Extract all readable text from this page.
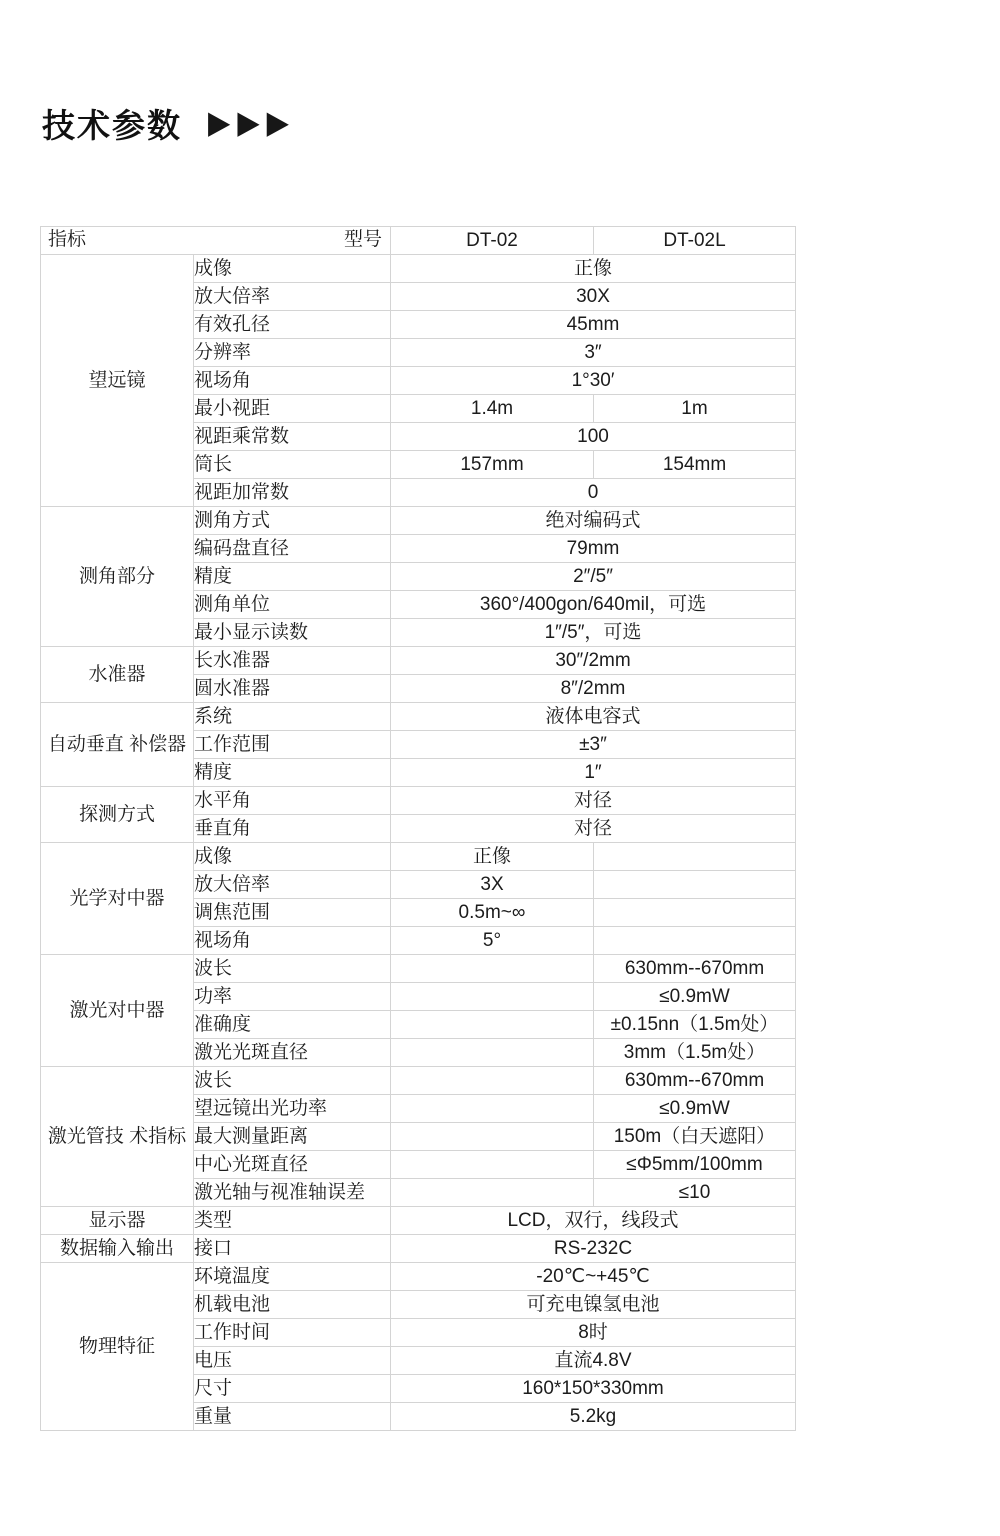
技术参数 ▶ ▶ ▶
指标 型号		DT-02	DT-02L
望远镜	成像	正像	
	放大倍率	30X	
	有效孔径	45mm	
	分辨率	3″	
	视场角	1°30′	
	最小视距	1.4m	1m
	视距乘常数	100	
	筒长	157mm	154mm
	视距加常数	0	
测角部分	测角方式	绝对编码式	
	编码盘直径	79mm	
	精度	2″/5″	
	测角单位	360°/400gon/640mil，可选	
	最小显示读数	1″/5″，可选	
水准器	长水准器	30″/2mm	
	圆水准器	8″/2mm	
自动垂直 补偿器	系统	液体电容式	
	工作范围	±3″	
	精度	1″	
探测方式	水平角	对径	
	垂直角	对径	
光学对中器	成像	正像	
	放大倍率	3X	
	调焦范围	0.5m~∞	
	视场角	5°	
激光对中器	波长		630mm--670mm
	功率		≤0.9mW
	准确度		±0.15nn（1.5m处）
	激光光斑直径		3mm（1.5m处）
激光管技 术指标	波长		630mm--670mm
	望远镜出光功率		≤0.9mW
	最大测量距离		150m（白天遮阳）
	中心光斑直径		≤Φ5mm/100mm
	激光轴与视准轴误差		≤10
显示器	类型	LCD，双行，线段式	
数据输入输出	接口	RS-232C	
物理特征	环境温度	-20℃~+45℃	
	机载电池	可充电镍氢电池	
	工作时间	8时	
	电压	直流4.8V	
	尺寸	160*150*330mm	
	重量	5.2kg	
